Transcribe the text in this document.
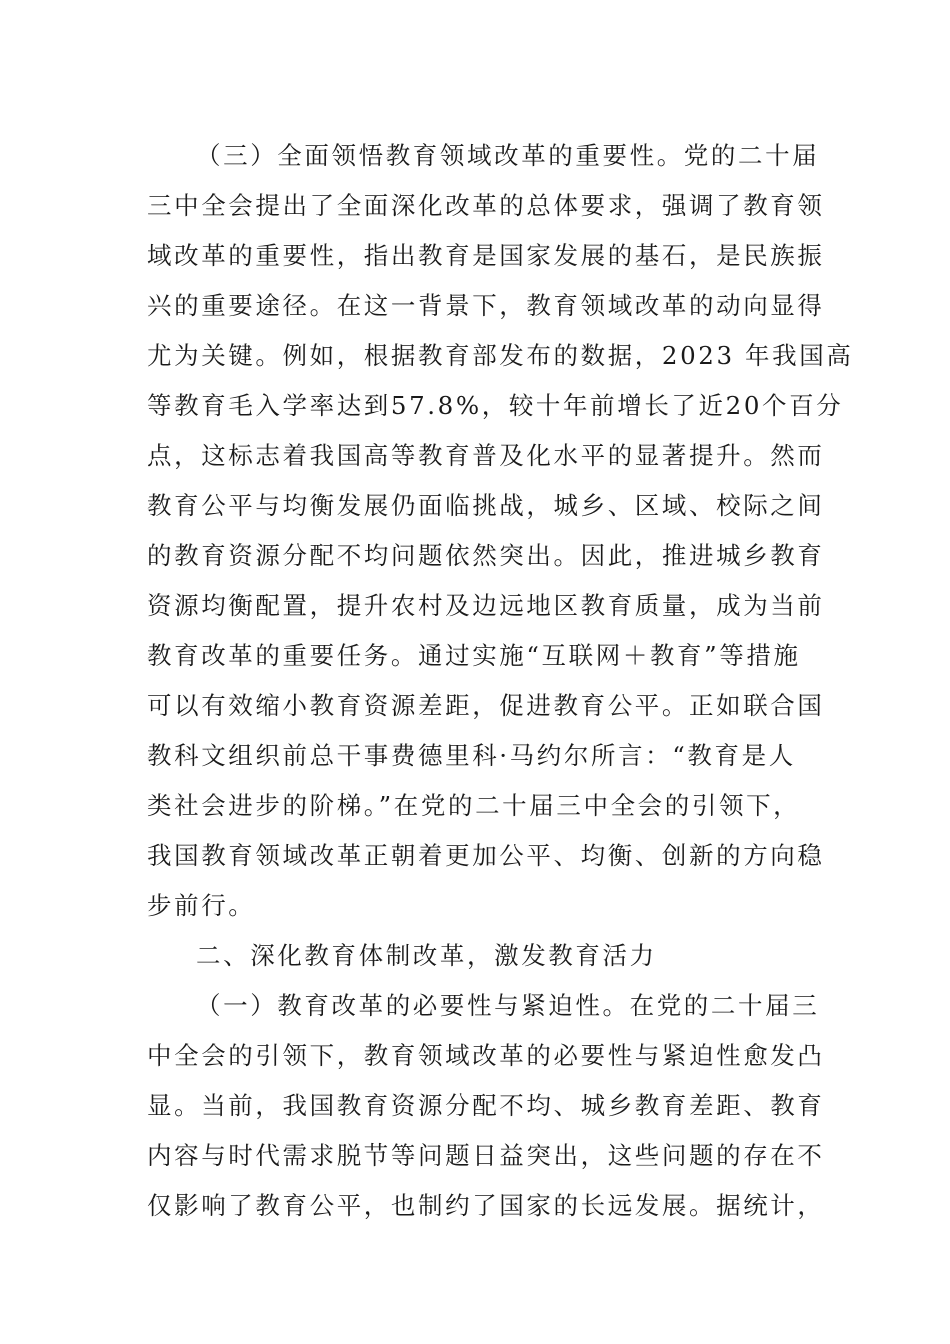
（三）全面领悟教育领域改革的重要性。党的二十届
三中全会提出了全面深化改革的总体要求，强调了教育领
域改革的重要性，指出教育是国家发展的基石，是民族振
兴的重要途径。在这一背景下，教育领域改革的动向显得
尤为关键。例如，根据教育部发布的数据，2023 年我国高
等教育毛入学率达到57.8%，较十年前增长了近20个百分
点，这标志着我国高等教育普及化水平的显著提升。然而
教育公平与均衡发展仍面临挑战，城乡、区域、校际之间
的教育资源分配不均问题依然突出。因此，推进城乡教育
资源均衡配置，提升农村及边远地区教育质量，成为当前
教育改革的重要任务。通过实施“互联网＋教育”等措施
可以有效缩小教育资源差距，促进教育公平。正如联合国
教科文组织前总干事费德里科·马约尔所言：“教育是人
类社会进步的阶梯。”在党的二十届三中全会的引领下，
我国教育领域改革正朝着更加公平、均衡、创新的方向稳
步前行。
二、深化教育体制改革，激发教育活力
（一）教育改革的必要性与紧迫性。在党的二十届三
中全会的引领下，教育领域改革的必要性与紧迫性愈发凸
显。当前，我国教育资源分配不均、城乡教育差距、教育
内容与时代需求脱节等问题日益突出，这些问题的存在不
仅影响了教育公平，也制约了国家的长远发展。据统计，
